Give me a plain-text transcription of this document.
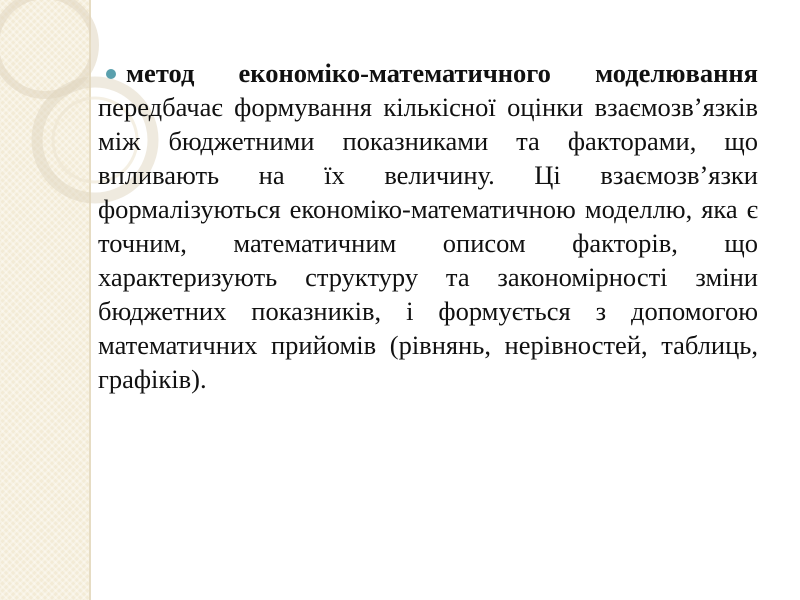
метод економіко-математичного моделювання передбачає формування кількісної оцінки взаємозв’язків між бюджетними показниками та факторами, що впливають на їх величину. Ці взаємозв’язки формалізуються економіко-математичною моделлю, яка є точним, математичним описом факторів, що характеризують структуру та закономірності зміни бюджетних показників, і формується з допомогою математичних прийомів (рівнянь, нерівностей, таблиць, графіків).
